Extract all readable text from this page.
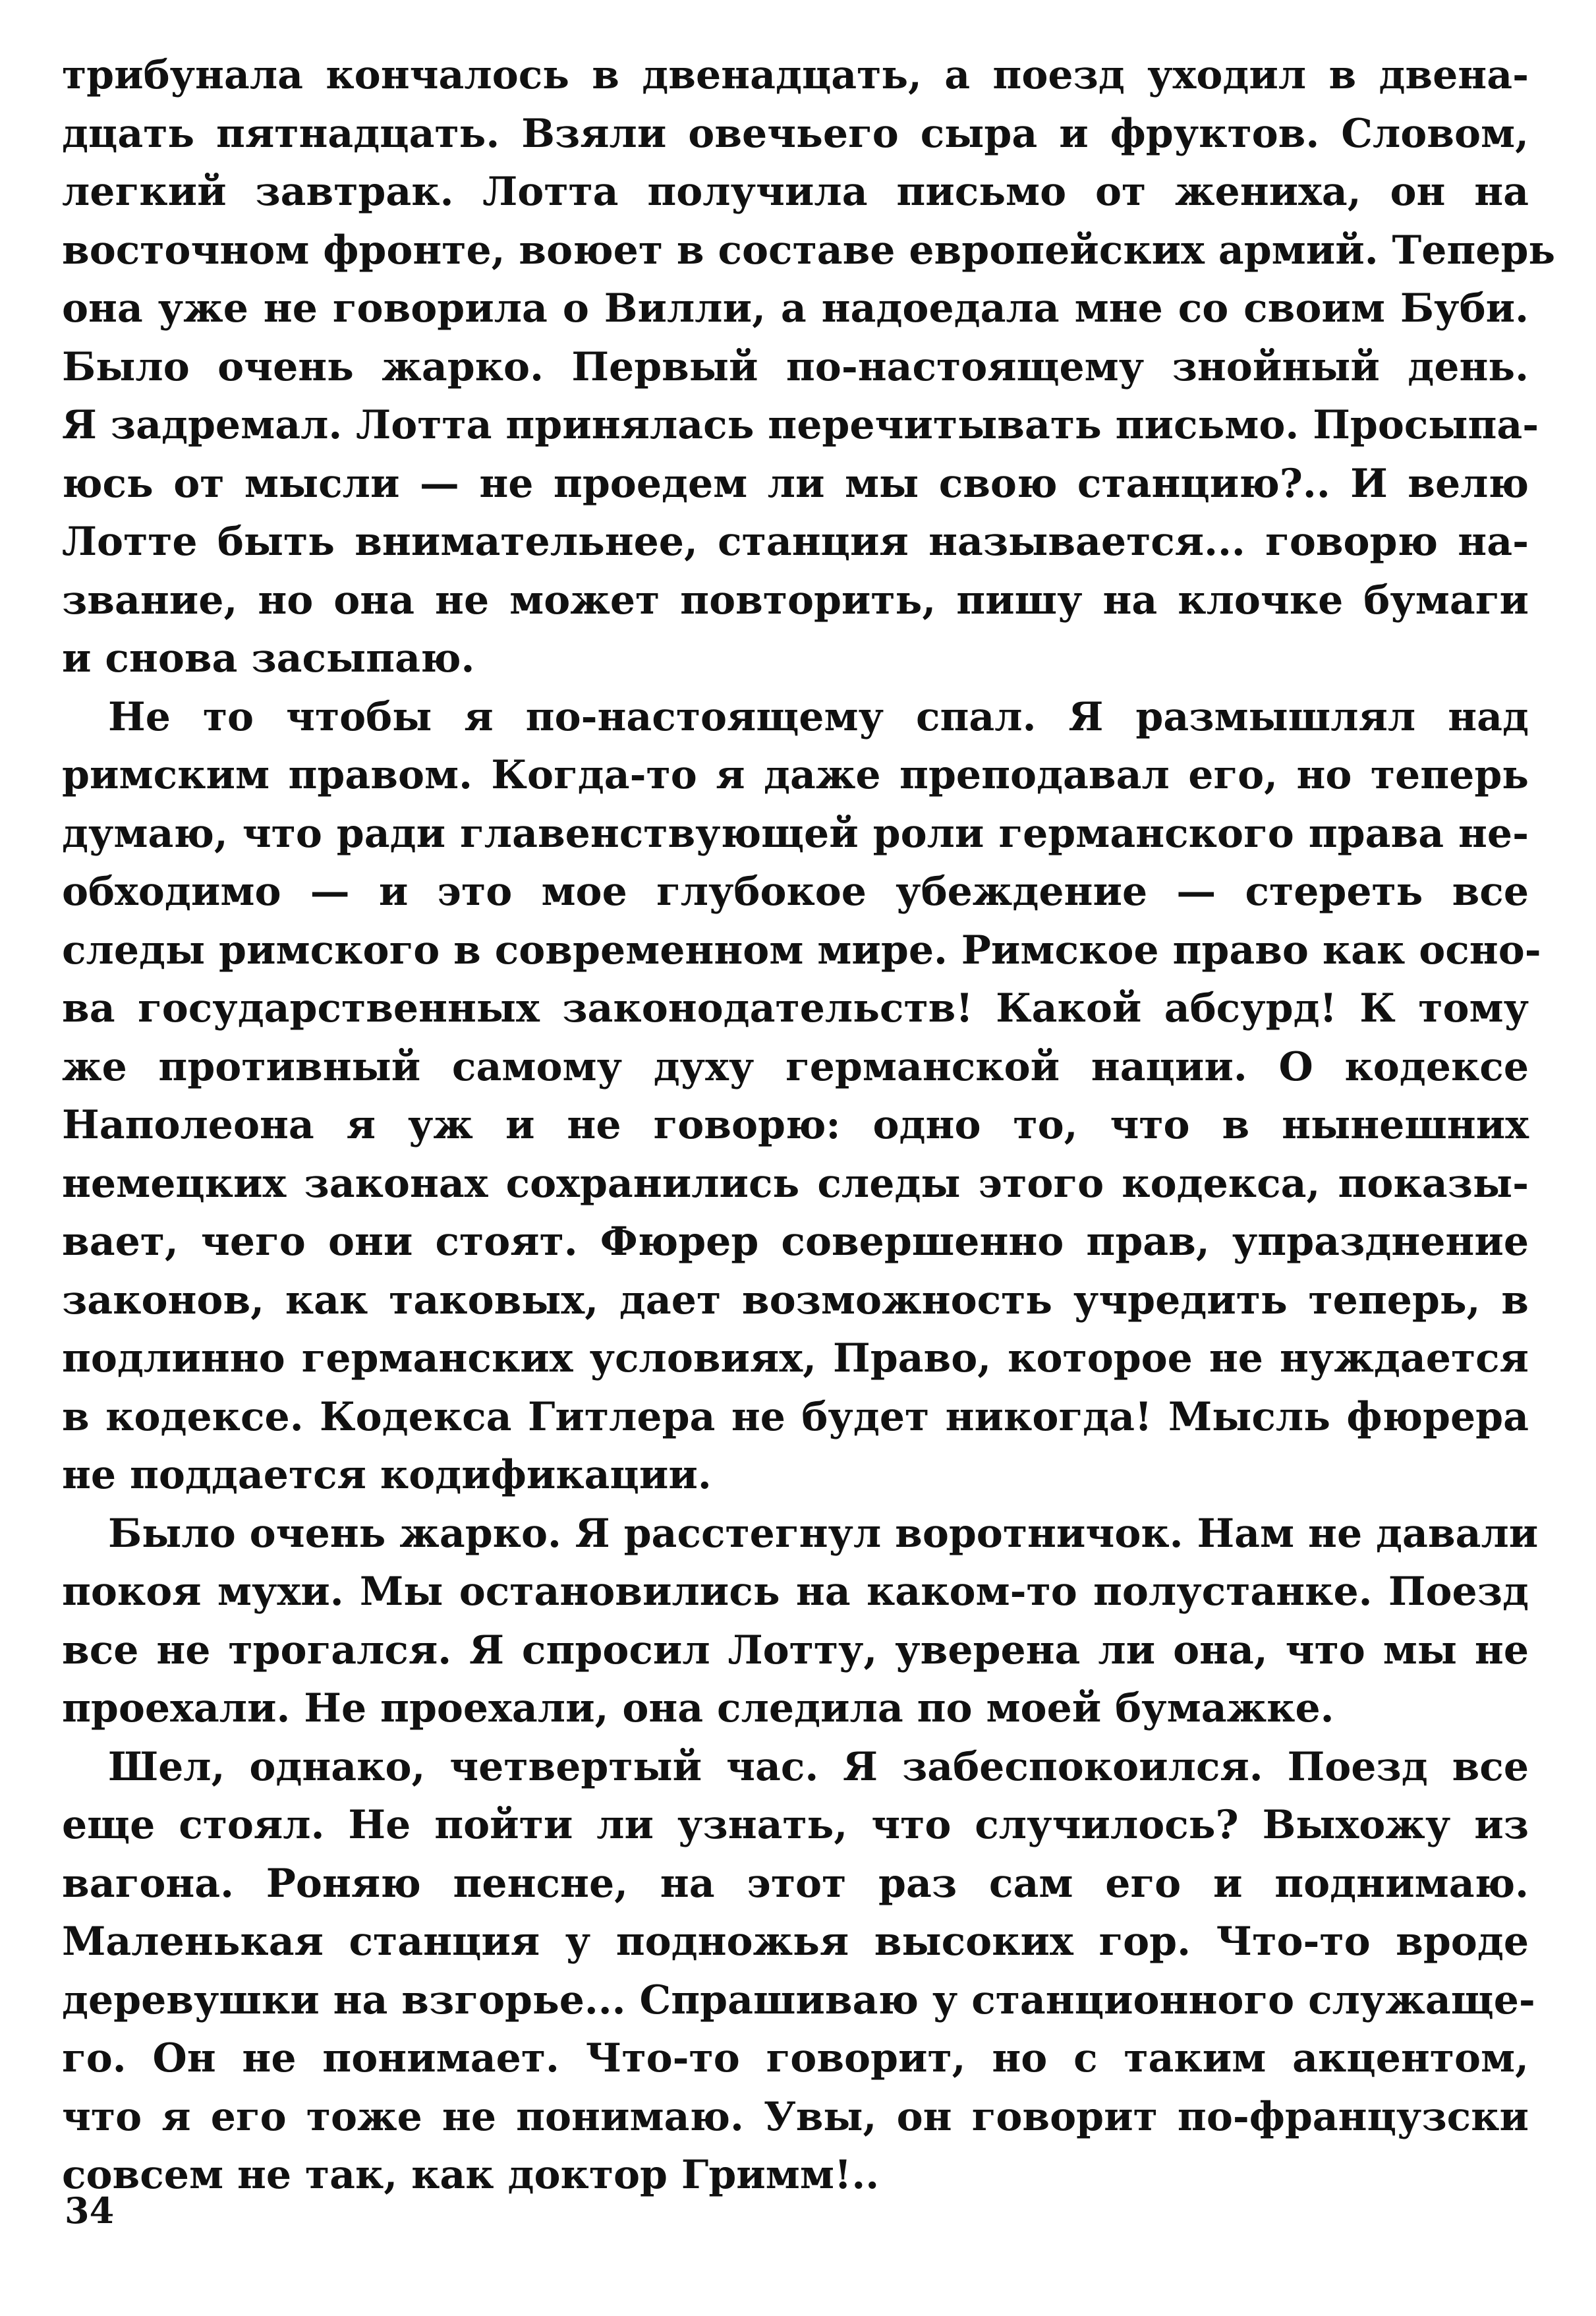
трибунала кончалось в двенадцать, а поезд уходил в двена-
дцать пятнадцать. Взяли овечьего сыра и фруктов. Словом,
легкий завтрак. Лотта получила письмо от жениха, он на
восточном фронте, воюет в составе европейских армий. Теперь
она уже не говорила о Вилли, а надоедала мне со своим Буби.
Было очень жарко. Первый по-настоящему знойный день.
Я задремал. Лотта принялась перечитывать письмо. Просыпа-
юсь от мысли — не проедем ли мы свою станцию?.. И велю
Лотте быть внимательнее, станция называется... говорю на-
звание, но она не может повторить, пишу на клочке бумаги
и снова засыпаю.
Не то чтобы я по-настоящему спал. Я размышлял над
римским правом. Когда-то я даже преподавал его, но теперь
думаю, что ради главенствующей роли германского права не-
обходимо — и это мое глубокое убеждение — стереть все
следы римского в современном мире. Римское право как осно-
ва государственных законодательств! Какой абсурд! К тому
же противный самому духу германской нации. О кодексе
Наполеона я уж и не говорю: одно то, что в нынешних
немецких законах сохранились следы этого кодекса, показы-
вает, чего они стоят. Фюрер совершенно прав, упразднение
законов, как таковых, дает возможность учредить теперь, в
подлинно германских условиях, Право, которое не нуждается
в кодексе. Кодекса Гитлера не будет никогда! Мысль фюрера
не поддается кодификации.
Было очень жарко. Я расстегнул воротничок. Нам не давали
покоя мухи. Мы остановились на каком-то полустанке. Поезд
все не трогался. Я спросил Лотту, уверена ли она, что мы не
проехали. Не проехали, она следила по моей бумажке.
Шел, однако, четвертый час. Я забеспокоился. Поезд все
еще стоял. Не пойти ли узнать, что случилось? Выхожу из
вагона. Роняю пенсне, на этот раз сам его и поднимаю.
Маленькая станция у подножья высоких гор. Что-то вроде
деревушки на взгорье... Спрашиваю у станционного служаще-
го. Он не понимает. Что-то говорит, но с таким акцентом,
что я его тоже не понимаю. Увы, он говорит по-французски
совсем не так, как доктор Гримм!..
34
